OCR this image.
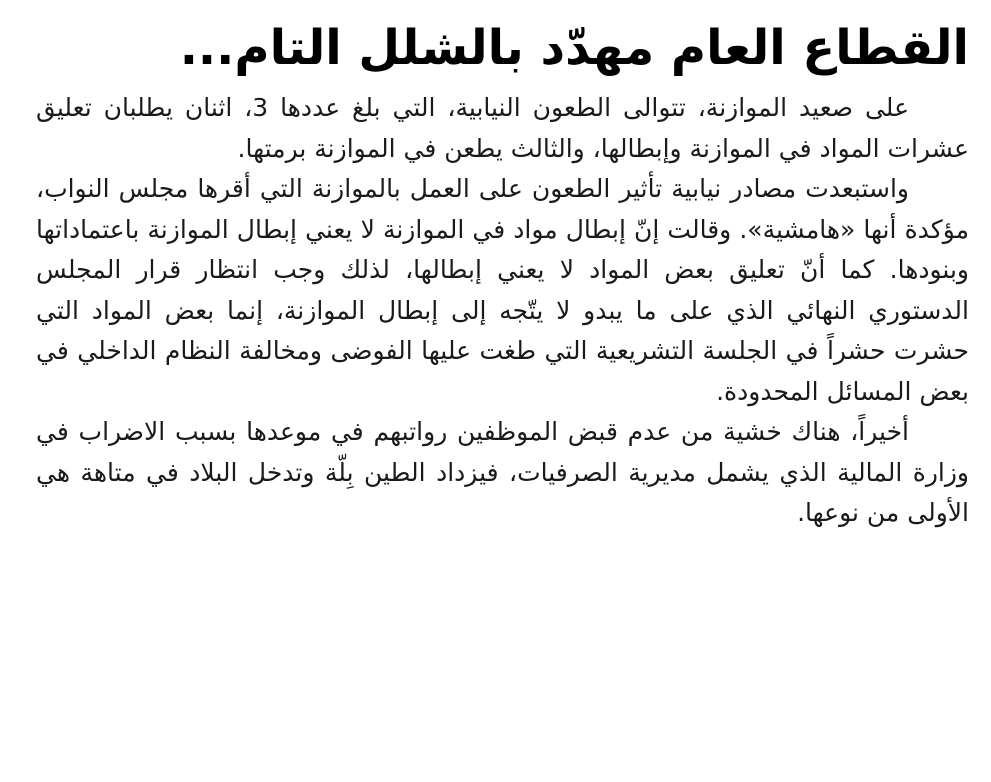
القطاع العام مهدّد بالشلل التام...

على صعيد الموازنة، تتوالى الطعون النيابية، التي بلغ عددها 3، اثنان يطلبان تعليق عشرات المواد في الموازنة وإبطالها، والثالث يطعن في الموازنة برمتها.

واستبعدت مصادر نيابية تأثير الطعون على العمل بالموازنة التي أقرها مجلس النواب، مؤكدة أنها «هامشية». وقالت إنّ إبطال مواد في الموازنة لا يعني إبطال الموازنة باعتماداتها وبنودها. كما أنّ تعليق بعض المواد لا يعني إبطالها، لذلك وجب انتظار قرار المجلس الدستوري النهائي الذي على ما يبدو لا يتّجه إلى إبطال الموازنة، إنما بعض المواد التي حشرت حشراً في الجلسة التشريعية التي طغت عليها الفوضى ومخالفة النظام الداخلي في بعض المسائل المحدودة.

أخيراً، هناك خشية من عدم قبض الموظفين رواتبهم في موعدها بسبب الاضراب في وزارة المالية الذي يشمل مديرية الصرفيات، فيزداد الطين بِلّة وتدخل البلاد في متاهة هي الأولى من نوعها.
